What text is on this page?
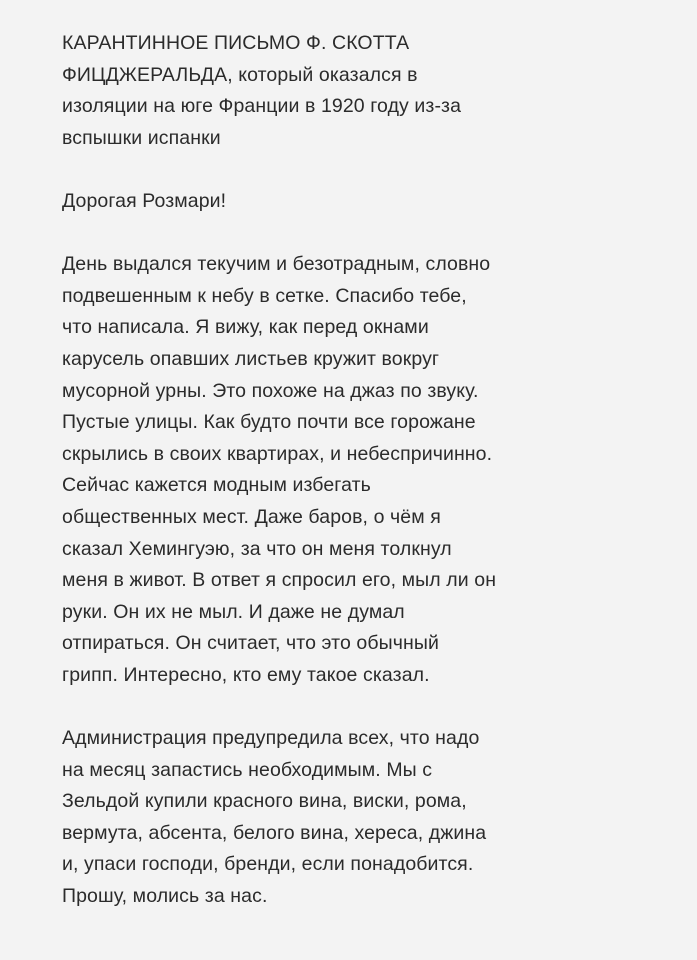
КАРАНТИННОЕ ПИСЬМО Ф. СКОТТА
ФИЦДЖЕРАЛЬДА, который оказался в
изоляции на юге Франции в 1920 году из-за
вспышки испанки
Дорогая Розмари!
День выдался текучим и безотрадным, словно
подвешенным к небу в сетке. Спасибо тебе,
что написала. Я вижу, как перед окнами
карусель опавших листьев кружит вокруг
мусорной урны. Это похоже на джаз по звуку.
Пустые улицы. Как будто почти все горожане
скрылись в своих квартирах, и небеспричинно.
Сейчас кажется модным избегать
общественных мест. Даже баров, о чём я
сказал Хемингуэю, за что он меня толкнул
меня в живот. В ответ я спросил его, мыл ли он
руки. Он их не мыл. И даже не думал
отпираться. Он считает, что это обычный
грипп. Интересно, кто ему такое сказал.
Администрация предупредила всех, что надо
на месяц запастись необходимым. Мы с
Зельдой купили красного вина, виски, рома,
вермута, абсента, белого вина, хереса, джина
и, упаси господи, бренди, если понадобится.
Прошу, молись за нас.
